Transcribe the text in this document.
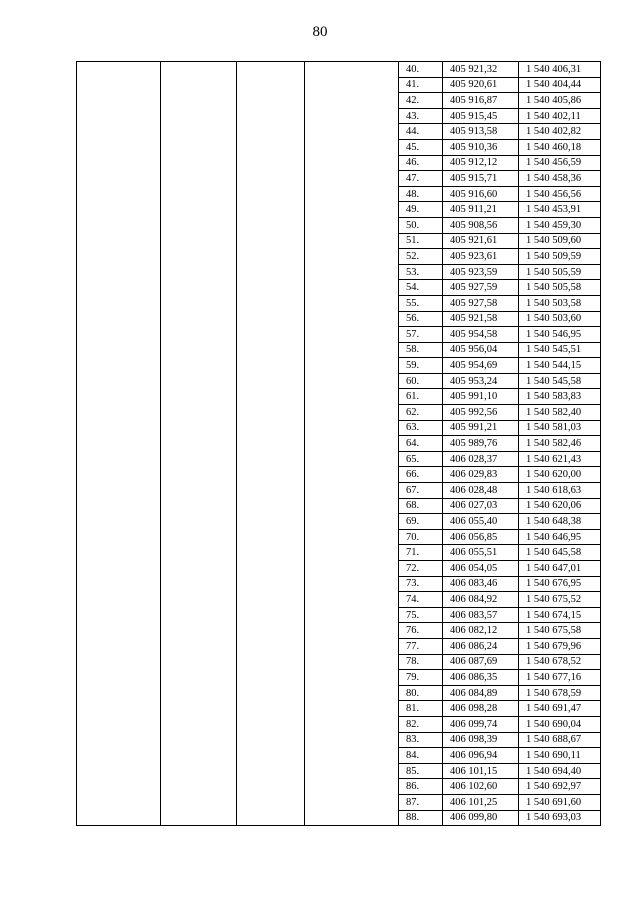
80
				40.	405 921,32	1 540 406,31
				41.	405 920,61	1 540 404,44
				42.	405 916,87	1 540 405,86
				43.	405 915,45	1 540 402,11
				44.	405 913,58	1 540 402,82
				45.	405 910,36	1 540 460,18
				46.	405 912,12	1 540 456,59
				47.	405 915,71	1 540 458,36
				48.	405 916,60	1 540 456,56
				49.	405 911,21	1 540 453,91
				50.	405 908,56	1 540 459,30
				51.	405 921,61	1 540 509,60
				52.	405 923,61	1 540 509,59
				53.	405 923,59	1 540 505,59
				54.	405 927,59	1 540 505,58
				55.	405 927,58	1 540 503,58
				56.	405 921,58	1 540 503,60
				57.	405 954,58	1 540 546,95
				58.	405 956,04	1 540 545,51
				59.	405 954,69	1 540 544,15
				60.	405 953,24	1 540 545,58
				61.	405 991,10	1 540 583,83
				62.	405 992,56	1 540 582,40
				63.	405 991,21	1 540 581,03
				64.	405 989,76	1 540 582,46
				65.	406 028,37	1 540 621,43
				66.	406 029,83	1 540 620,00
				67.	406 028,48	1 540 618,63
				68.	406 027,03	1 540 620,06
				69.	406 055,40	1 540 648,38
				70.	406 056,85	1 540 646,95
				71.	406 055,51	1 540 645,58
				72.	406 054,05	1 540 647,01
				73.	406 083,46	1 540 676,95
				74.	406 084,92	1 540 675,52
				75.	406 083,57	1 540 674,15
				76.	406 082,12	1 540 675,58
				77.	406 086,24	1 540 679,96
				78.	406 087,69	1 540 678,52
				79.	406 086,35	1 540 677,16
				80.	406 084,89	1 540 678,59
				81.	406 098,28	1 540 691,47
				82.	406 099,74	1 540 690,04
				83.	406 098,39	1 540 688,67
				84.	406 096,94	1 540 690,11
				85.	406 101,15	1 540 694,40
				86.	406 102,60	1 540 692,97
				87.	406 101,25	1 540 691,60
				88.	406 099,80	1 540 693,03
